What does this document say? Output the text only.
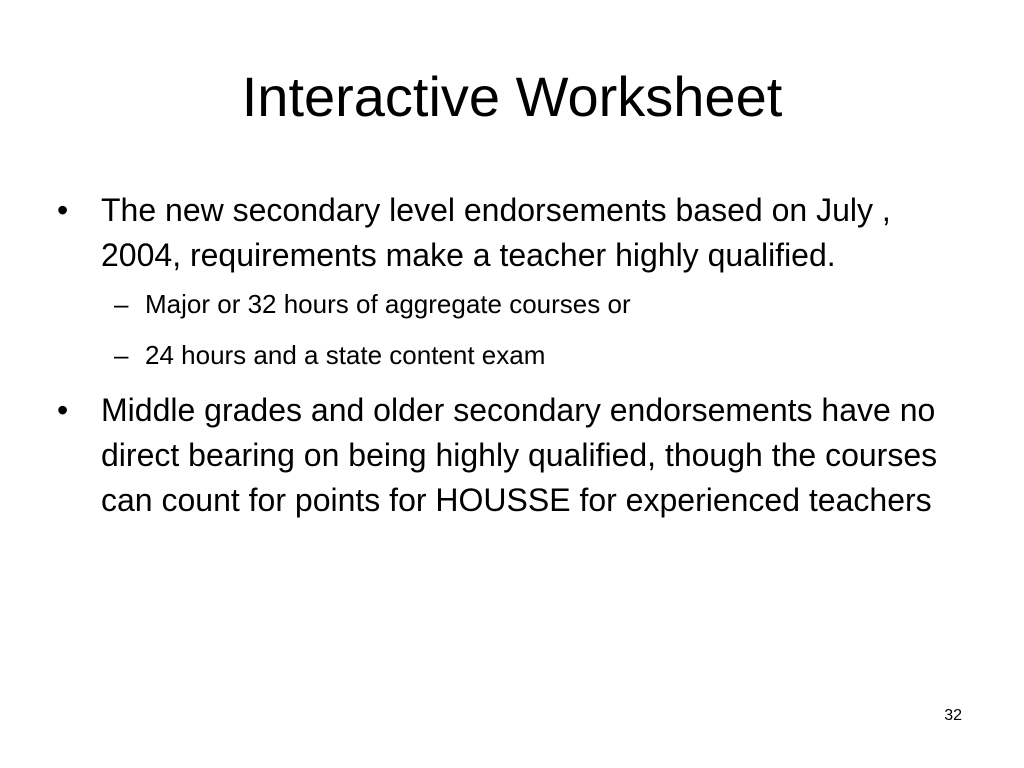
Interactive Worksheet
•	The new secondary level endorsements based on July , 2004, requirements make a teacher highly qualified.
– Major or 32 hours of aggregate courses or
– 24 hours and a state content exam
•	Middle grades and older secondary endorsements have no direct bearing on being highly qualified, though the courses can count for points for HOUSSE for experienced teachers
32
